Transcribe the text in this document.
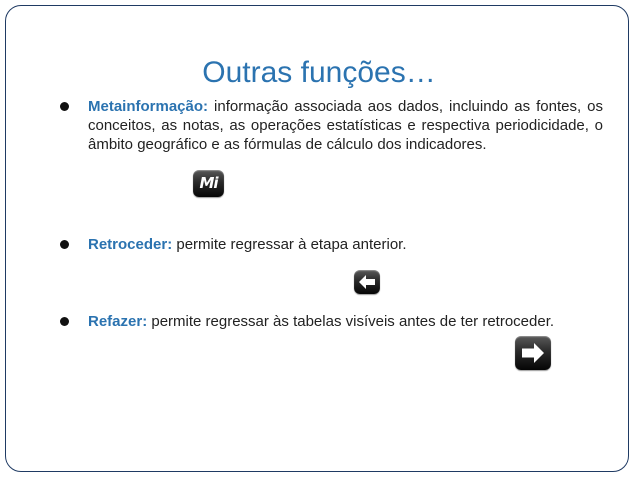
Outras funções…
Metainformação: informação associada aos dados, incluindo as fontes, os conceitos, as notas, as operações estatísticas e respectiva periodicidade, o âmbito geográfico e as fórmulas de cálculo dos indicadores.
Mi
Retroceder: permite regressar à etapa anterior.
Refazer: permite regressar às tabelas visíveis antes de ter retroceder.
